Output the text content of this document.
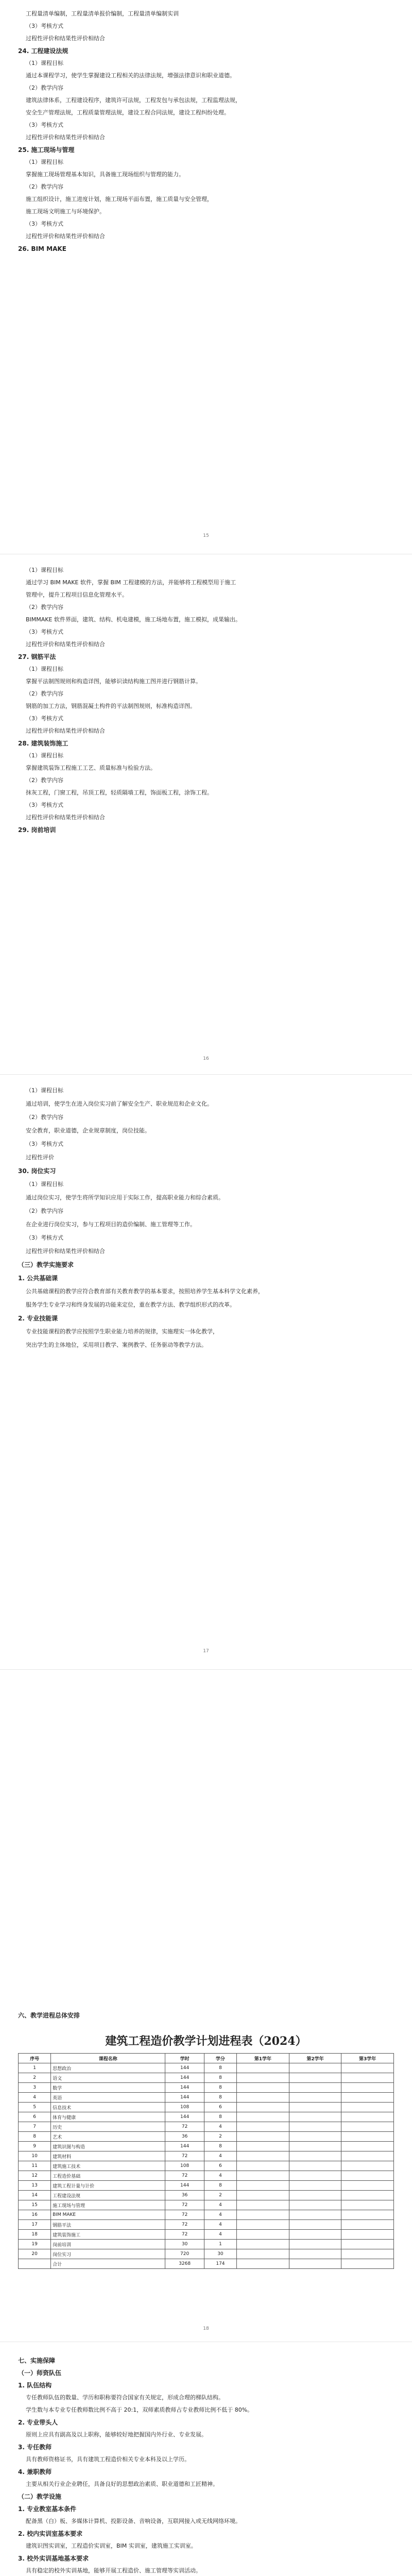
工程量清单编制，工程量清单报价编制，工程量清单编制实训
（3）考核方式
过程性评价和结果性评价相结合
24. 工程建设法规
（1）课程目标
通过本课程学习，使学生掌握建设工程相关的法律法规，增强法律意识和职业道德。
（2）教学内容
建筑法律体系，工程建设程序，建筑许可法规，工程发包与承包法规，工程监理法规，
安全生产管理法规，工程质量管理法规，建设工程合同法规，建设工程纠纷处理。
（3）考核方式
过程性评价和结果性评价相结合
25. 施工现场与管理
（1）课程目标
掌握施工现场管理基本知识，具备施工现场组织与管理的能力。
（2）教学内容
施工组织设计，施工进度计划，施工现场平面布置，施工质量与安全管理，
施工现场文明施工与环境保护。
（3）考核方式
过程性评价和结果性评价相结合
26. BIM MAKE
15
（1）课程目标
通过学习 BIM MAKE 软件，掌握 BIM 工程建模的方法，并能够将工程模型用于施工
管理中，提升工程项目信息化管理水平。
（2）教学内容
BIMMAKE 软件界面，建筑、结构、机电建模，施工场地布置，施工模拟，成果输出。
（3）考核方式
过程性评价和结果性评价相结合
27. 钢筋平法
（1）课程目标
掌握平法制图规则和构造详图，能够识读结构施工图并进行钢筋计算。
（2）教学内容
钢筋的加工方法，钢筋混凝土构件的平法制图规则，标准构造详图。
（3）考核方式
过程性评价和结果性评价相结合
28. 建筑装饰施工
（1）课程目标
掌握建筑装饰工程施工工艺、质量标准与检验方法。
（2）教学内容
抹灰工程，门窗工程，吊顶工程，轻质隔墙工程，饰面板工程，涂饰工程。
（3）考核方式
过程性评价和结果性评价相结合
29. 岗前培训
16
（1）课程目标
通过培训，使学生在进入岗位实习前了解安全生产、职业规范和企业文化。
（2）教学内容
安全教育，职业道德，企业规章制度，岗位技能。
（3）考核方式
过程性评价
30. 岗位实习
（1）课程目标
通过岗位实习，使学生将所学知识应用于实际工作，提高职业能力和综合素质。
（2）教学内容
在企业进行岗位实习，参与工程项目的造价编制、施工管理等工作。
（3）考核方式
过程性评价和结果性评价相结合
（三）教学实施要求
1. 公共基础课
公共基础课程的教学应符合教育部有关教育教学的基本要求，按照培养学生基本科学文化素养，
服务学生专业学习和终身发展的功能来定位，重在教学方法、教学组织形式的改革。
2. 专业技能课
专业技能课程的教学应按照学生职业能力培养的规律，实施理实一体化教学，
突出学生的主体地位，采用项目教学、案例教学、任务驱动等教学方法。
17
六、教学进程总体安排
建筑工程造价教学计划进程表（2024）
序号	课程名称	学时	学分	第1学年	第2学年	第3学年
1	思想政治	144	8			
2	语文	144	8			
3	数学	144	8			
4	英语	144	8			
5	信息技术	108	6			
6	体育与健康	144	8			
7	历史	72	4			
8	艺术	36	2			
9	建筑识图与构造	144	8			
10	建筑材料	72	4			
11	建筑施工技术	108	6			
12	工程造价基础	72	4			
13	建筑工程计量与计价	144	8			
14	工程建设法规	36	2			
15	施工现场与管理	72	4			
16	BIM MAKE	72	4			
17	钢筋平法	72	4			
18	建筑装饰施工	72	4			
19	岗前培训	30	1			
20	岗位实习	720	30			
	合计	3268	174			
18
七、实施保障
（一）师资队伍
1. 队伍结构
专任教师队伍的数量、学历和职称要符合国家有关规定，形成合理的梯队结构。
学生数与本专业专任教师数比例不高于 20:1，双师素质教师占专业教师比例不低于 80%。
2. 专业带头人
原则上应具有副高及以上职称，能够较好地把握国内外行业、专业发展。
3. 专任教师
具有教师资格证书，具有建筑工程造价相关专业本科及以上学历。
4. 兼职教师
主要从相关行业企业聘任，具备良好的思想政治素质、职业道德和工匠精神。
（二）教学设施
1. 专业教室基本条件
配备黑（白）板、多媒体计算机、投影设备、音响设备，互联网接入或无线网络环境。
2. 校内实训室基本要求
建筑识图实训室，工程造价实训室，BIM 实训室，建筑施工实训室。
3. 校外实训基地基本要求
具有稳定的校外实训基地，能够开展工程造价、施工管理等实训活动。
